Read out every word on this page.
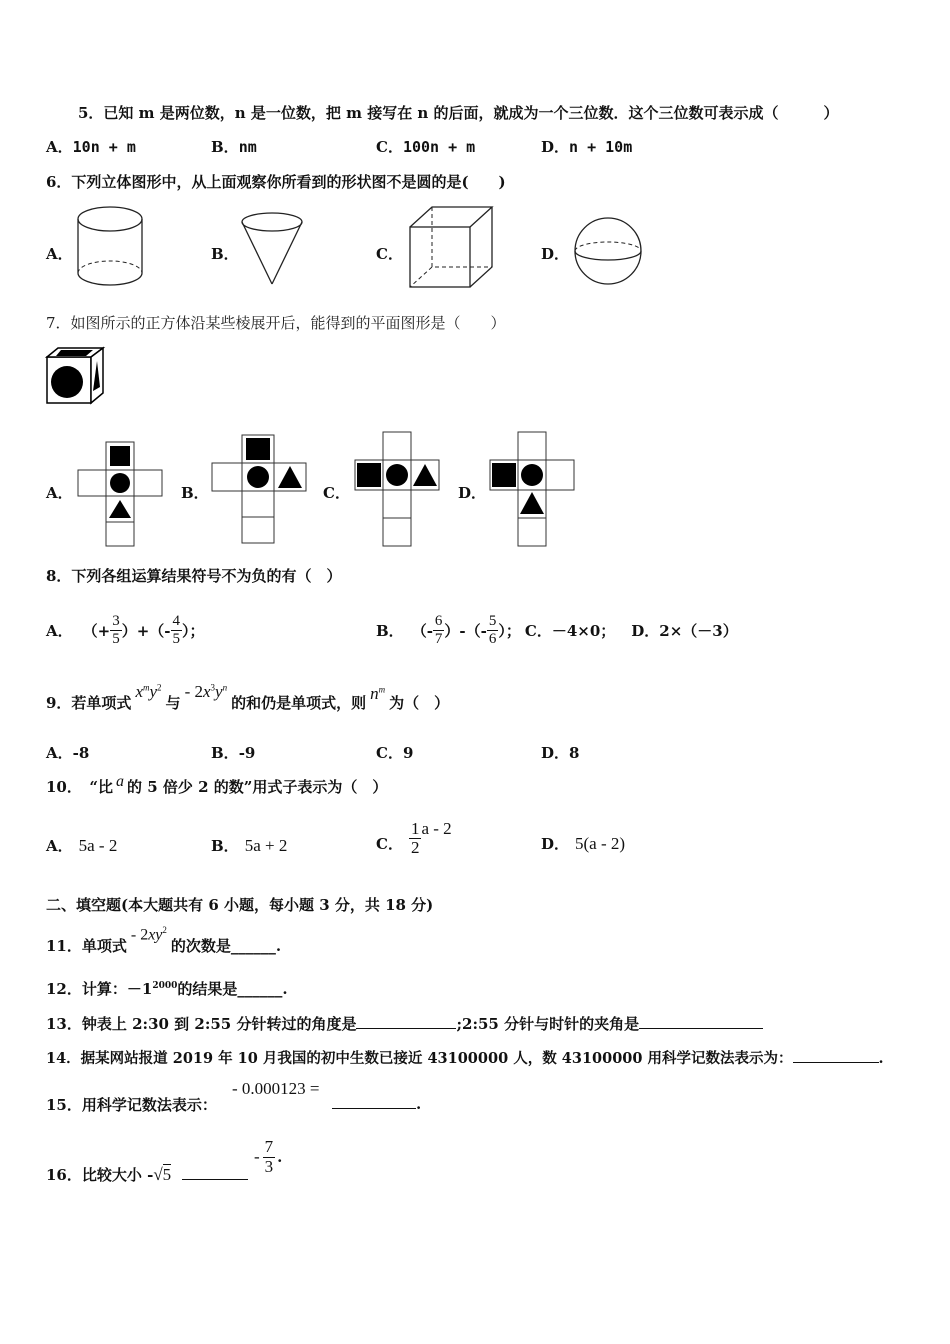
5．已知 m 是两位数，n 是一位数，把 m 接写在 n 的后面，就成为一个三位数．这个三位数可表示成（　　　）
A．10n + m	B．nm	C．100n + m	D．n + 10m
6．下列立体图形中，从上面观察你所看到的形状图不是圆的是(　　)
A．	B．	C．	D．
7．如图所示的正方体沿某些棱展开后，能得到的平面图形是（　　）
A．	B．	C．	D．
8．下列各组运算结果符号不为负的有（　）
A． （+ $\frac{3}{5}$ ）+（- $\frac{4}{5}$ ）；	B． （- $\frac{6}{7}$ ）-（- $\frac{5}{6}$ ）； C．－4×0； D．2×（－3）
9．若单项式
$x^my^2$
与
- $2x^3y^n$
的和仍是单项式，则 $n^m$
为（　）
A．-8	B．-9	C．9	D．8
10．　“比 a 的 5 倍少 2 的数”用式子表示为（　）
A． 5a - 2	B． 5a + 2	C． $\frac{1}{2}$ a - 2
D． 5(a - 2)
二、填空题(本大题共有 6 小题，每小题 3 分，共 18 分)
11．单项式
- $2xy^2$
的次数是______.
12．计算：$-1^{2000}$的结果是______.
13．钟表上 2:30 到 2:55 分针转过的角度是	;2:55 分针与时针的夹角是
14．据某网站报道 2019 年 10 月我国的初中生数已接近 43100000 人，数 43100000 用科学记数法表示为：	.
15．用科学记数法表示：
- 0.000123 =
.
16．比较大小 -√5
- $\frac{7}{3}$ .
